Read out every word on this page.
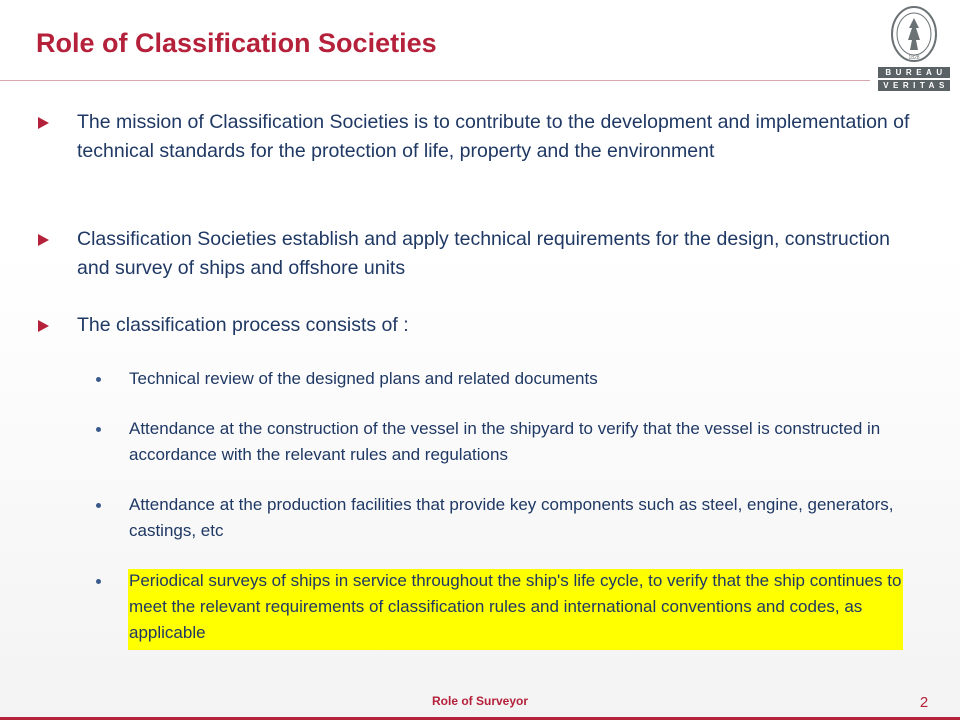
Role of Classification Societies	1828
BUREAU
VERITAS
The mission of Classification Societies is to contribute to the development and implementation of technical standards for the protection of life, property and the environment
Classification Societies establish and apply technical requirements for the design, construction and survey of ships and offshore units
The classification process consists of :
Technical review of the designed plans and related documents
Attendance at the construction of the vessel in the shipyard to verify that the vessel is constructed in accordance with the relevant rules and regulations
Attendance at the production facilities that provide key components such as steel, engine, generators, castings, etc
Periodical surveys of ships in service throughout the ship's life cycle, to verify that the ship continues to meet the relevant requirements of classification rules and international conventions and codes, as applicable
Role of Surveyor	2
